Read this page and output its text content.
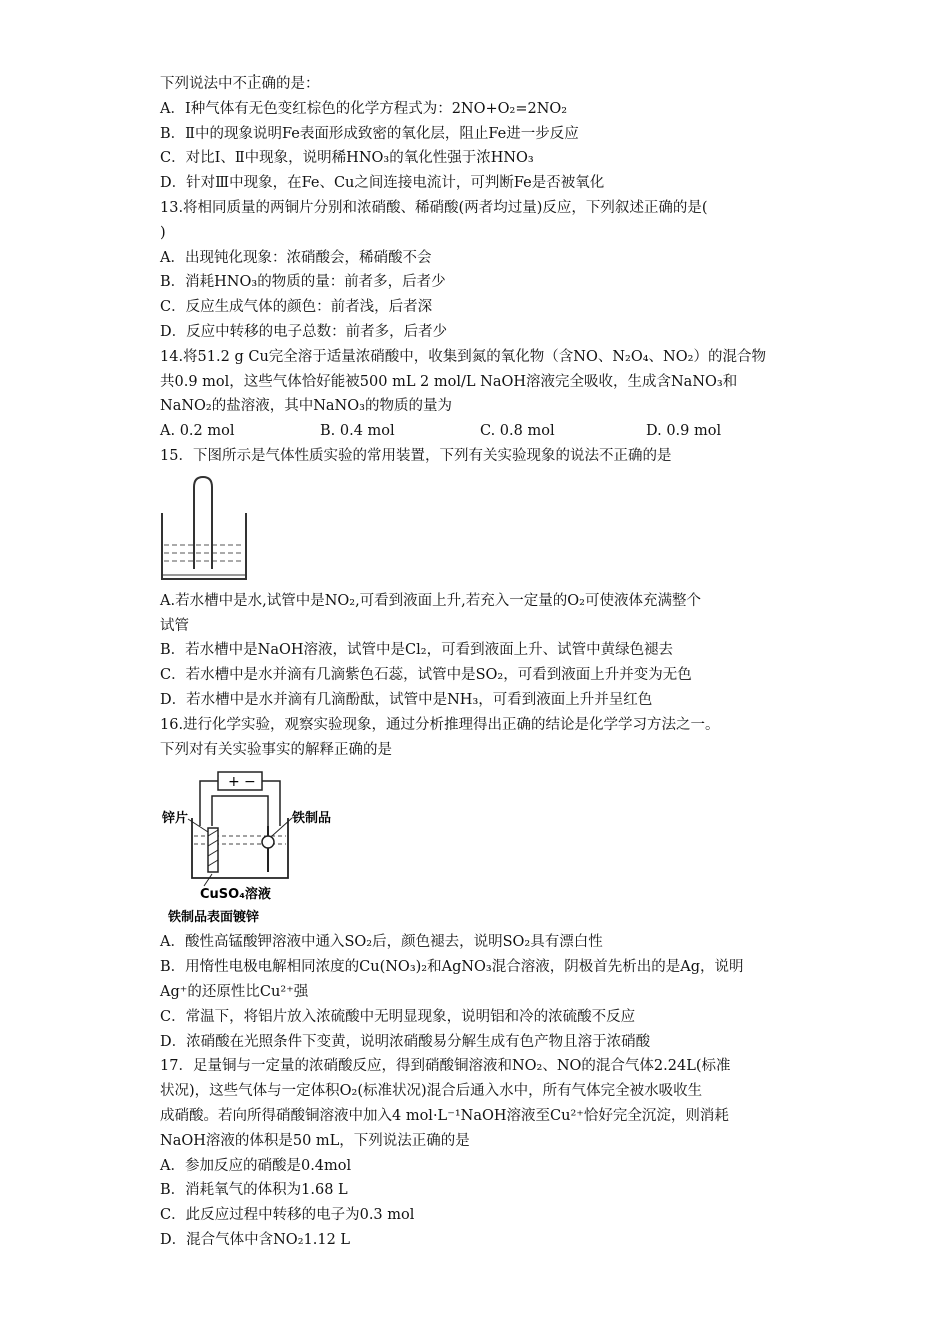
下列说法中不正确的是：
A．Ⅰ种气体有无色变红棕色的化学方程式为：2NO+O₂=2NO₂
B．Ⅱ中的现象说明Fe表面形成致密的氧化层，阻止Fe进一步反应
C．对比Ⅰ、Ⅱ中现象，说明稀HNO₃的氧化性强于浓HNO₃
D．针对Ⅲ中现象，在Fe、Cu之间连接电流计，可判断Fe是否被氧化
13.将相同质量的两铜片分别和浓硝酸、稀硝酸(两者均过量)反应，下列叙述正确的是(
)
A．出现钝化现象：浓硝酸会，稀硝酸不会
B．消耗HNO₃的物质的量：前者多，后者少
C．反应生成气体的颜色：前者浅，后者深
D．反应中转移的电子总数：前者多，后者少
14.将51.2 g Cu完全溶于适量浓硝酸中，收集到氮的氧化物（含NO、N₂O₄、NO₂）的混合物
共0.9 mol，这些气体恰好能被500 mL 2 mol/L NaOH溶液完全吸收，生成含NaNO₃和
NaNO₂的盐溶液，其中NaNO₃的物质的量为
A. 0.2 mol	B. 0.4 mol	C. 0.8 mol	D. 0.9 mol
15．下图所示是气体性质实验的常用装置，下列有关实验现象的说法不正确的是
A.若水槽中是水,试管中是NO₂,可看到液面上升,若充入一定量的O₂可使液体充满整个
试管
B．若水槽中是NaOH溶液，试管中是Cl₂，可看到液面上升、试管中黄绿色褪去
C．若水槽中是水并滴有几滴紫色石蕊，试管中是SO₂，可看到液面上升并变为无色
D．若水槽中是水并滴有几滴酚酞，试管中是NH₃，可看到液面上升并呈红色
16.进行化学实验，观察实验现象，通过分析推理得出正确的结论是化学学习方法之一。
下列对有关实验事实的解释正确的是
+ −
锌片	铁制品
CuSO₄溶液
铁制品表面镀锌
A．酸性高锰酸钾溶液中通入SO₂后，颜色褪去，说明SO₂具有漂白性
B．用惰性电极电解相同浓度的Cu(NO₃)₂和AgNO₃混合溶液，阴极首先析出的是Ag，说明
Ag⁺的还原性比Cu²⁺强
C．常温下，将铝片放入浓硫酸中无明显现象，说明铝和冷的浓硫酸不反应
D．浓硝酸在光照条件下变黄，说明浓硝酸易分解生成有色产物且溶于浓硝酸
17．足量铜与一定量的浓硝酸反应，得到硝酸铜溶液和NO₂、NO的混合气体2.24L(标准
状况)，这些气体与一定体积O₂(标准状况)混合后通入水中，所有气体完全被水吸收生
成硝酸。若向所得硝酸铜溶液中加入4 mol·L⁻¹NaOH溶液至Cu²⁺恰好完全沉淀，则消耗
NaOH溶液的体积是50 mL，下列说法正确的是
A．参加反应的硝酸是0.4mol
B．消耗氧气的体积为1.68 L
C．此反应过程中转移的电子为0.3 mol
D．混合气体中含NO₂1.12 L
